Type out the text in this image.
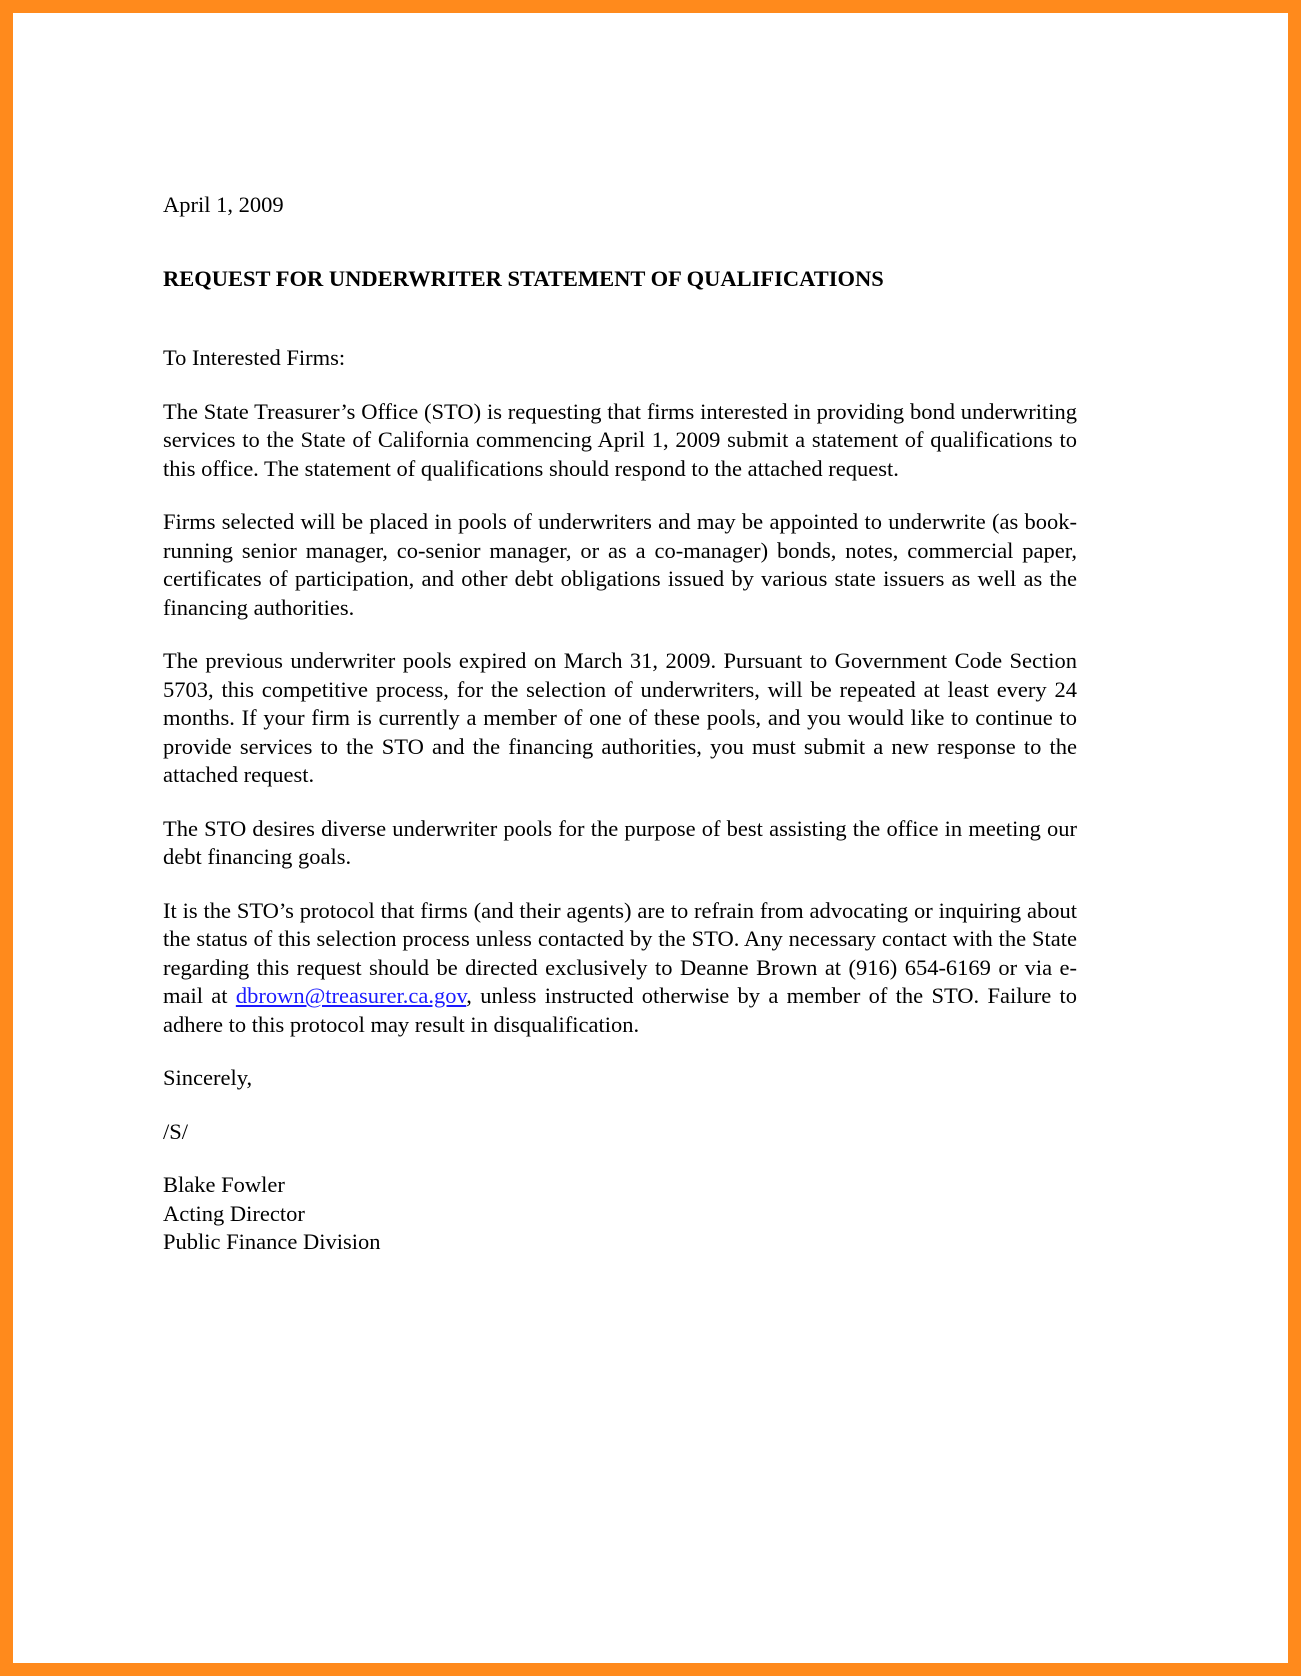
April 1, 2009

REQUEST FOR UNDERWRITER STATEMENT OF QUALIFICATIONS

To Interested Firms:

The State Treasurer’s Office (STO) is requesting that firms interested in providing bond underwriting services to the State of California commencing April 1, 2009 submit a statement of qualifications to this office. The statement of qualifications should respond to the attached request.

Firms selected will be placed in pools of underwriters and may be appointed to underwrite (as book-running senior manager, co-senior manager, or as a co-manager) bonds, notes, commercial paper, certificates of participation, and other debt obligations issued by various state issuers as well as the financing authorities.

The previous underwriter pools expired on March 31, 2009. Pursuant to Government Code Section 5703, this competitive process, for the selection of underwriters, will be repeated at least every 24 months. If your firm is currently a member of one of these pools, and you would like to continue to provide services to the STO and the financing authorities, you must submit a new response to the attached request.

The STO desires diverse underwriter pools for the purpose of best assisting the office in meeting our debt financing goals.

It is the STO’s protocol that firms (and their agents) are to refrain from advocating or inquiring about the status of this selection process unless contacted by the STO. Any necessary contact with the State regarding this request should be directed exclusively to Deanne Brown at (916) 654-6169 or via e-mail at dbrown@treasurer.ca.gov, unless instructed otherwise by a member of the STO. Failure to adhere to this protocol may result in disqualification.

Sincerely,

/S/

Blake Fowler
Acting Director
Public Finance Division
